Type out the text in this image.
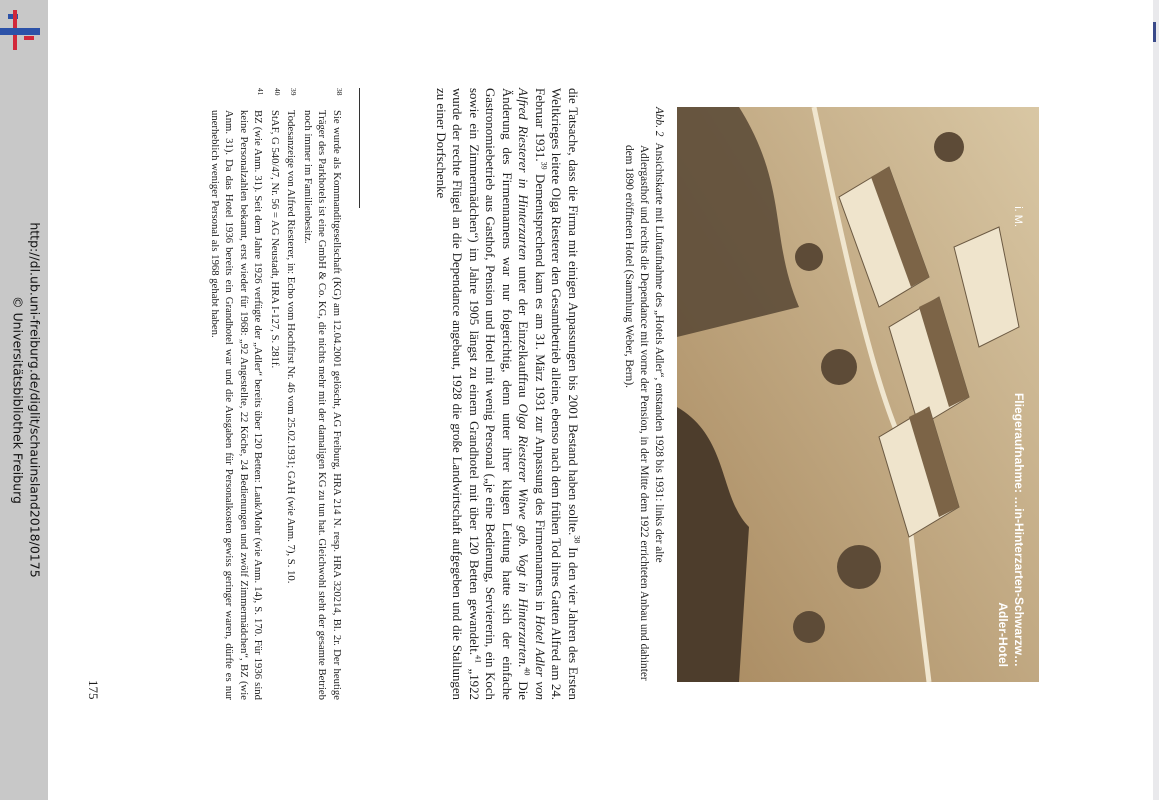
http://dl.ub.uni-freiburg.de/diglit/schauinsland2018/0175
© Universitätsbibliothek Freiburg	Fliegeraufnahme: …in-Hinterzarten-Schwarzw…
Adler-Hotel
i. M.
Abb. 2Ansichtskarte mit Luftaufnahme des „Hotels Adler“, entstanden 1928 bis 1931: links der alte
Adlergasthof und rechts die Dependance mit vorne der Pension, in der Mitte dem 1922 errichteten Anbau und dahinter dem 1890 eröffneten Hotel (Sammlung Weber, Bern).
die Tatsache, dass die Firma mit einigen Anpassungen bis 2001 Bestand haben sollte.$^{38}$ In den vier Jahren des Ersten Weltkrieges leitete Olga Riesterer den Gesamtbetrieb alleine, ebenso nach dem frühen Tod ihres Gatten Alfred am 24. Februar 1931.39 Dementsprechend kam es am 31. März 1931 zur Anpassung des Firmennamens in Hotel Adler von Alfred Riesterer in Hinterzarten unter der Einzelkauffrau Olga Riesterer Witwe geb. Vogt in Hinterzarten.$^{40}$ Die Änderung des Firmennamens war nur folgerichtig, denn unter ihrer klugen Leitung hatte sich der einfache Gastronomiebetrieb aus Gasthof, Pension und Hotel mit wenig Personal („je eine Bedienung, Serviererin, ein Koch sowie ein Zimmermädchen“) im Jahre 1905 längst zu einem Grandhotel mit über 120 Betten gewandelt.$^{41}$ „1922 wurde der rechte Flügel an die Dependance angebaut, 1928 die große Landwirtschaft aufgegeben und die Stallungen zu einer Dorfschenke
38
Sie wurde als Kommanditgesellschaft (KG) am 12.04.2001 gelöscht, AG Freiburg, HRA 214 N. resp. HRA 320214, Bl. 2r. Der heutige Träger des Parkhotels ist eine GmbH & Co. KG, die nichts mehr mit der damaligen KG zu tun hat. Gleichwohl steht der gesamte Betrieb noch immer im Familienbesitz.
39
Todesanzeige von Alfred Riesterer, in: Echo vom Hochfirst Nr. 46 vom 25.02.1931; GAH (wie Anm. 7), S. 10.
40
StAF, G 540/47, Nr. 56 = AG Neustadt, HRA I-127, S. 281f.
41
BZ (wie Anm. 31). Seit dem Jahre 1926 verfügte der „Adler“ bereits über 120 Betten: Lauk/Mohr (wie Anm. 14), S. 170. Für 1936 sind keine Personalzahlen bekannt, erst wieder für 1968: „92 Angestellte, 22 Köche, 24 Bedienungen und zwölf Zimmermädchen“, BZ (wie Anm. 31). Da das Hotel 1936 bereits ein Grandhotel war und die Ausgaben für Personalkosten gewiss geringer waren, dürfte es nur unerheblich weniger Personal als 1968 gehabt haben.
175
